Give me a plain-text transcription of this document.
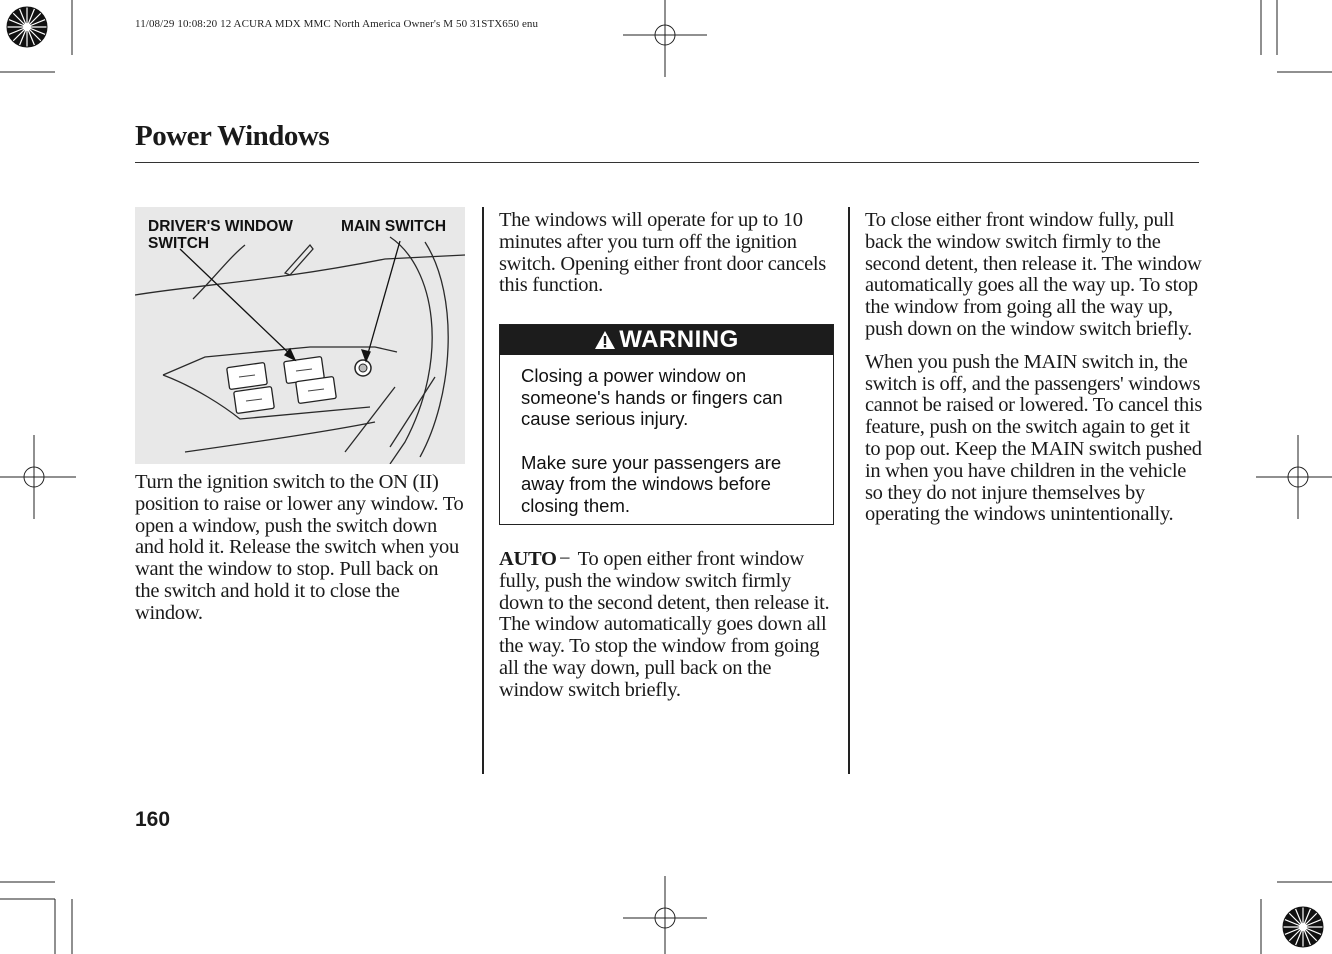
11/08/29 10:08:20 12 ACURA MDX MMC North America Owner's M 50 31STX650 enu
Power Windows
DRIVER'S WINDOW
SWITCH
MAIN SWITCH

Turn the ignition switch to the ON (II) position to raise or lower any window. To open a window, push the switch down and hold it. Release the switch when you want the window to stop. Pull back on the switch and hold it to close the window.

The windows will operate for up to 10 minutes after you turn off the ignition switch. Opening either front door cancels this function.

WARNING

Closing a power window on someone's hands or fingers can cause serious injury.

Make sure your passengers are away from the windows before closing them.

AUTO − To open either front window fully, push the window switch firmly down to the second detent, then release it. The window automatically goes down all the way. To stop the window from going all the way down, pull back on the window switch briefly.

To close either front window fully, pull back the window switch firmly to the second detent, then release it. The window automatically goes all the way up. To stop the window from going all the way up, push down on the window switch briefly.

When you push the MAIN switch in, the switch is off, and the passengers' windows cannot be raised or lowered. To cancel this feature, push on the switch again to get it to pop out. Keep the MAIN switch pushed in when you have children in the vehicle so they do not injure themselves by operating the windows unintentionally.

160
